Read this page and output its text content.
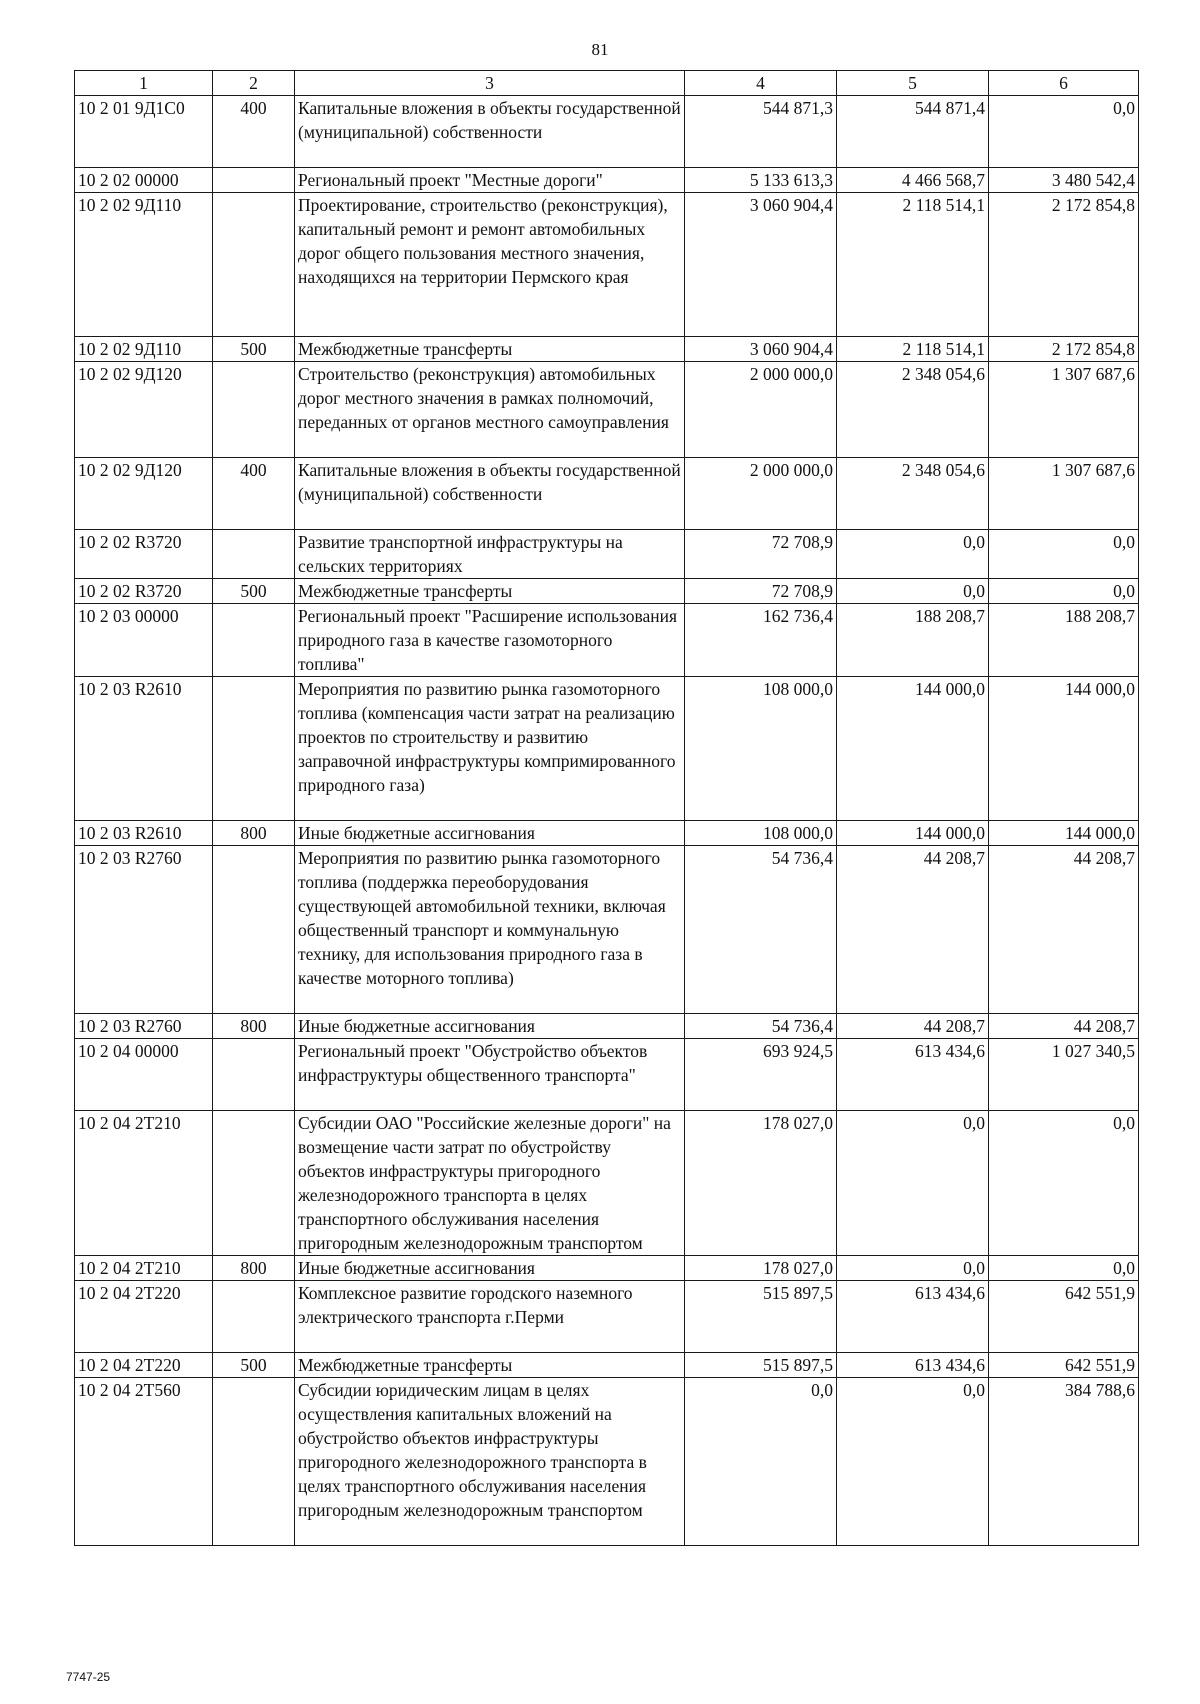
81
1	2	3	4	5	6
10 2 01 9Д1С0	400	Капитальные вложения в объекты государственной (муниципальной) собственности	544 871,3	544 871,4	0,0
10 2 02 00000		Региональный проект "Местные дороги"	5 133 613,3	4 466 568,7	3 480 542,4
10 2 02 9Д110		Проектирование, строительство (реконструкция), капитальный ремонт и ремонт автомобильных дорог общего пользования местного значения, находящихся на территории Пермского края	3 060 904,4	2 118 514,1	2 172 854,8
10 2 02 9Д110	500	Межбюджетные трансферты	3 060 904,4	2 118 514,1	2 172 854,8
10 2 02 9Д120		Строительство (реконструкция) автомобильных дорог местного значения в рамках полномочий, переданных от органов местного самоуправления	2 000 000,0	2 348 054,6	1 307 687,6
10 2 02 9Д120	400	Капитальные вложения в объекты государственной (муниципальной) собственности	2 000 000,0	2 348 054,6	1 307 687,6
10 2 02 R3720		Развитие транспортной инфраструктуры на сельских территориях	72 708,9	0,0	0,0
10 2 02 R3720	500	Межбюджетные трансферты	72 708,9	0,0	0,0
10 2 03 00000		Региональный проект "Расширение использования природного газа в качестве газомоторного топлива"	162 736,4	188 208,7	188 208,7
10 2 03 R2610		Мероприятия по развитию рынка газомоторного топлива (компенсация части затрат на реализацию проектов по строительству и развитию заправочной инфраструктуры компримированного природного газа)	108 000,0	144 000,0	144 000,0
10 2 03 R2610	800	Иные бюджетные ассигнования	108 000,0	144 000,0	144 000,0
10 2 03 R2760		Мероприятия по развитию рынка газомоторного топлива (поддержка переоборудования существующей автомобильной техники, включая общественный транспорт и коммунальную технику, для использования природного газа в качестве моторного топлива)	54 736,4	44 208,7	44 208,7
10 2 03 R2760	800	Иные бюджетные ассигнования	54 736,4	44 208,7	44 208,7
10 2 04 00000		Региональный проект "Обустройство объектов инфраструктуры общественного транспорта"	693 924,5	613 434,6	1 027 340,5
10 2 04 2Т210		Субсидии ОАО "Российские железные дороги" на возмещение части затрат по обустройству объектов инфраструктуры пригородного железнодорожного транспорта в целях транспортного обслуживания населения пригородным железнодорожным транспортом	178 027,0	0,0	0,0
10 2 04 2Т210	800	Иные бюджетные ассигнования	178 027,0	0,0	0,0
10 2 04 2Т220		Комплексное развитие городского наземного электрического транспорта г.Перми	515 897,5	613 434,6	642 551,9
10 2 04 2Т220	500	Межбюджетные трансферты	515 897,5	613 434,6	642 551,9
10 2 04 2Т560		Субсидии юридическим лицам в целях осуществления капитальных вложений на обустройство объектов инфраструктуры пригородного железнодорожного транспорта в целях транспортного обслуживания населения пригородным железнодорожным транспортом	0,0	0,0	384 788,6
7747-25
